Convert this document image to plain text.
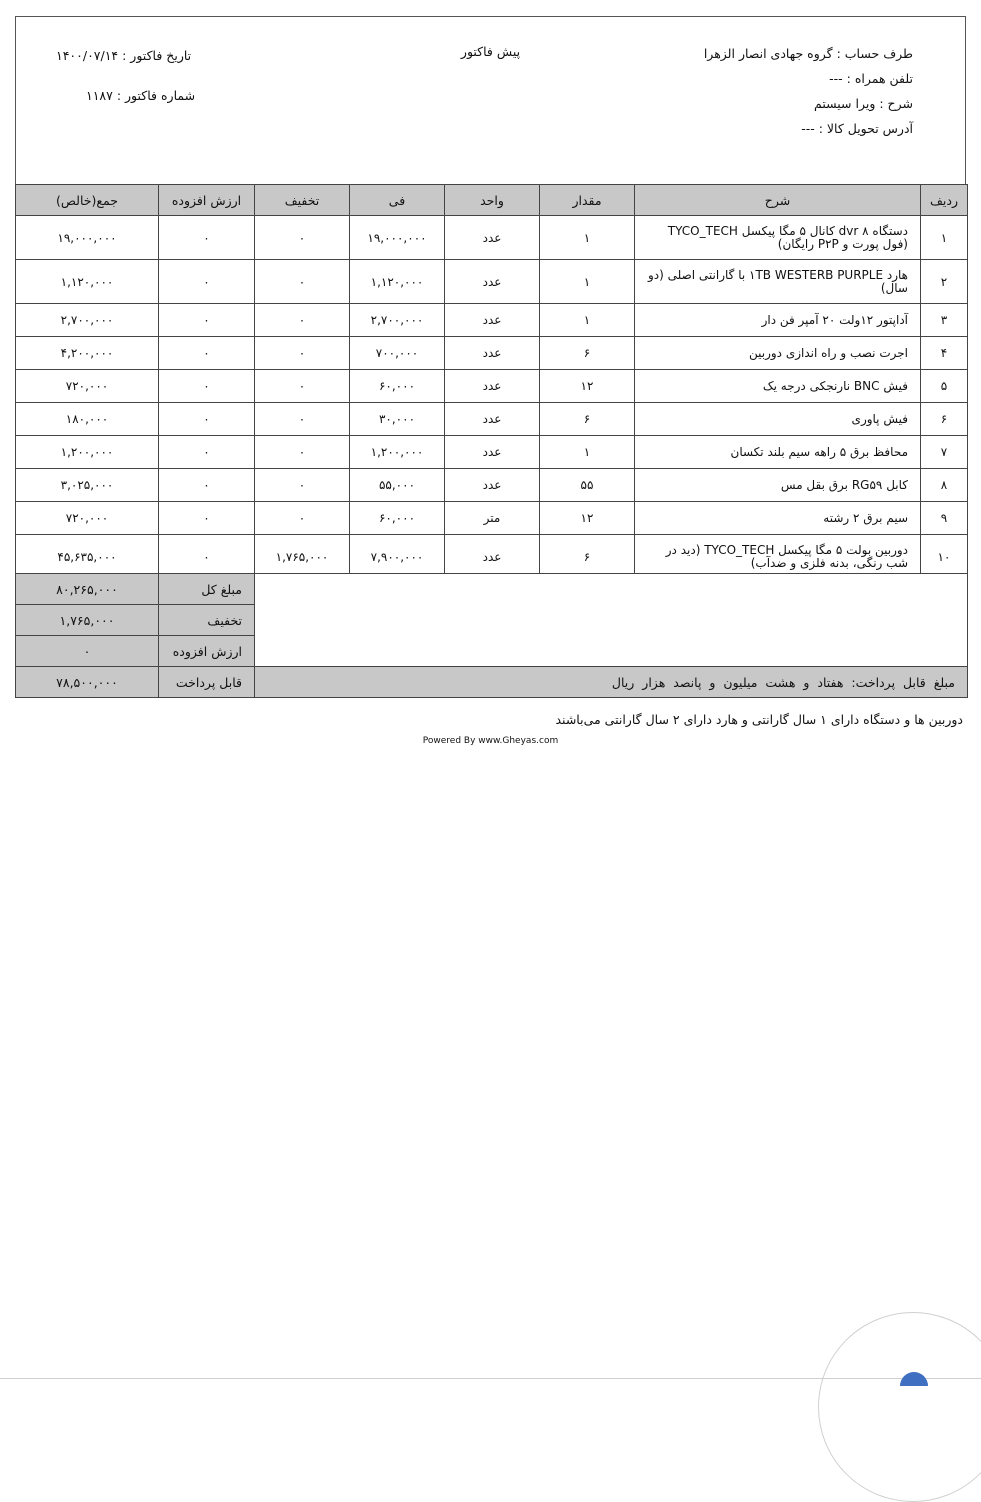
پیش فاکتور	طرف حساب : گروه جهادی انصار الزهرا
تلفن همراه : ---
شرح : ویرا سیستم
آدرس تحویل کالا : ---
تاریخ فاکتور : ۱۴۰۰/۰۷/۱۴
شماره فاکتور : ۱۱۸۷
ردیف	شرح	مقدار	واحد	فی	تخفیف	ارزش افزوده	جمع(خالص)
۱	دستگاه ۸ dvr کانال ۵ مگا پیکسل TYCO_TECH (فول پورت و P۲P رایگان)	۱	عدد	۱۹,۰۰۰,۰۰۰	۰	۰	۱۹,۰۰۰,۰۰۰
۲	هارد ۱TB WESTERB PURPLE با گارانتی اصلی (دو سال)	۱	عدد	۱,۱۲۰,۰۰۰	۰	۰	۱,۱۲۰,۰۰۰
۳	آداپتور ۱۲ولت ۲۰ آمپر فن دار	۱	عدد	۲,۷۰۰,۰۰۰	۰	۰	۲,۷۰۰,۰۰۰
۴	اجرت نصب و راه اندازی دوربین	۶	عدد	۷۰۰,۰۰۰	۰	۰	۴,۲۰۰,۰۰۰
۵	فیش BNC نارنجکی درجه یک	۱۲	عدد	۶۰,۰۰۰	۰	۰	۷۲۰,۰۰۰
۶	فیش پاوری	۶	عدد	۳۰,۰۰۰	۰	۰	۱۸۰,۰۰۰
۷	محافظ برق ۵ راهه سیم بلند تکسان	۱	عدد	۱,۲۰۰,۰۰۰	۰	۰	۱,۲۰۰,۰۰۰
۸	کابل RG۵۹ برق بقل مس	۵۵	عدد	۵۵,۰۰۰	۰	۰	۳,۰۲۵,۰۰۰
۹	سیم برق ۲ رشته	۱۲	متر	۶۰,۰۰۰	۰	۰	۷۲۰,۰۰۰
۱۰	دوربین بولت ۵ مگا پیکسل TYCO_TECH (دید در شب رنگی، بدنه فلزی و ضدآب)	۶	عدد	۷,۹۰۰,۰۰۰	۱,۷۶۵,۰۰۰	۰	۴۵,۶۳۵,۰۰۰
	مبلغ کل	۸۰,۲۶۵,۰۰۰
	تخفیف	۱,۷۶۵,۰۰۰
	ارزش افزوده	۰
مبلغ قابل پرداخت: هفتاد و هشت میلیون و پانصد هزار ریال	قابل پرداخت	۷۸,۵۰۰,۰۰۰
دوربین ها و دستگاه دارای ۱ سال گارانتی و هارد دارای ۲ سال گارانتی می‌باشند
Powered By www.Gheyas.com
